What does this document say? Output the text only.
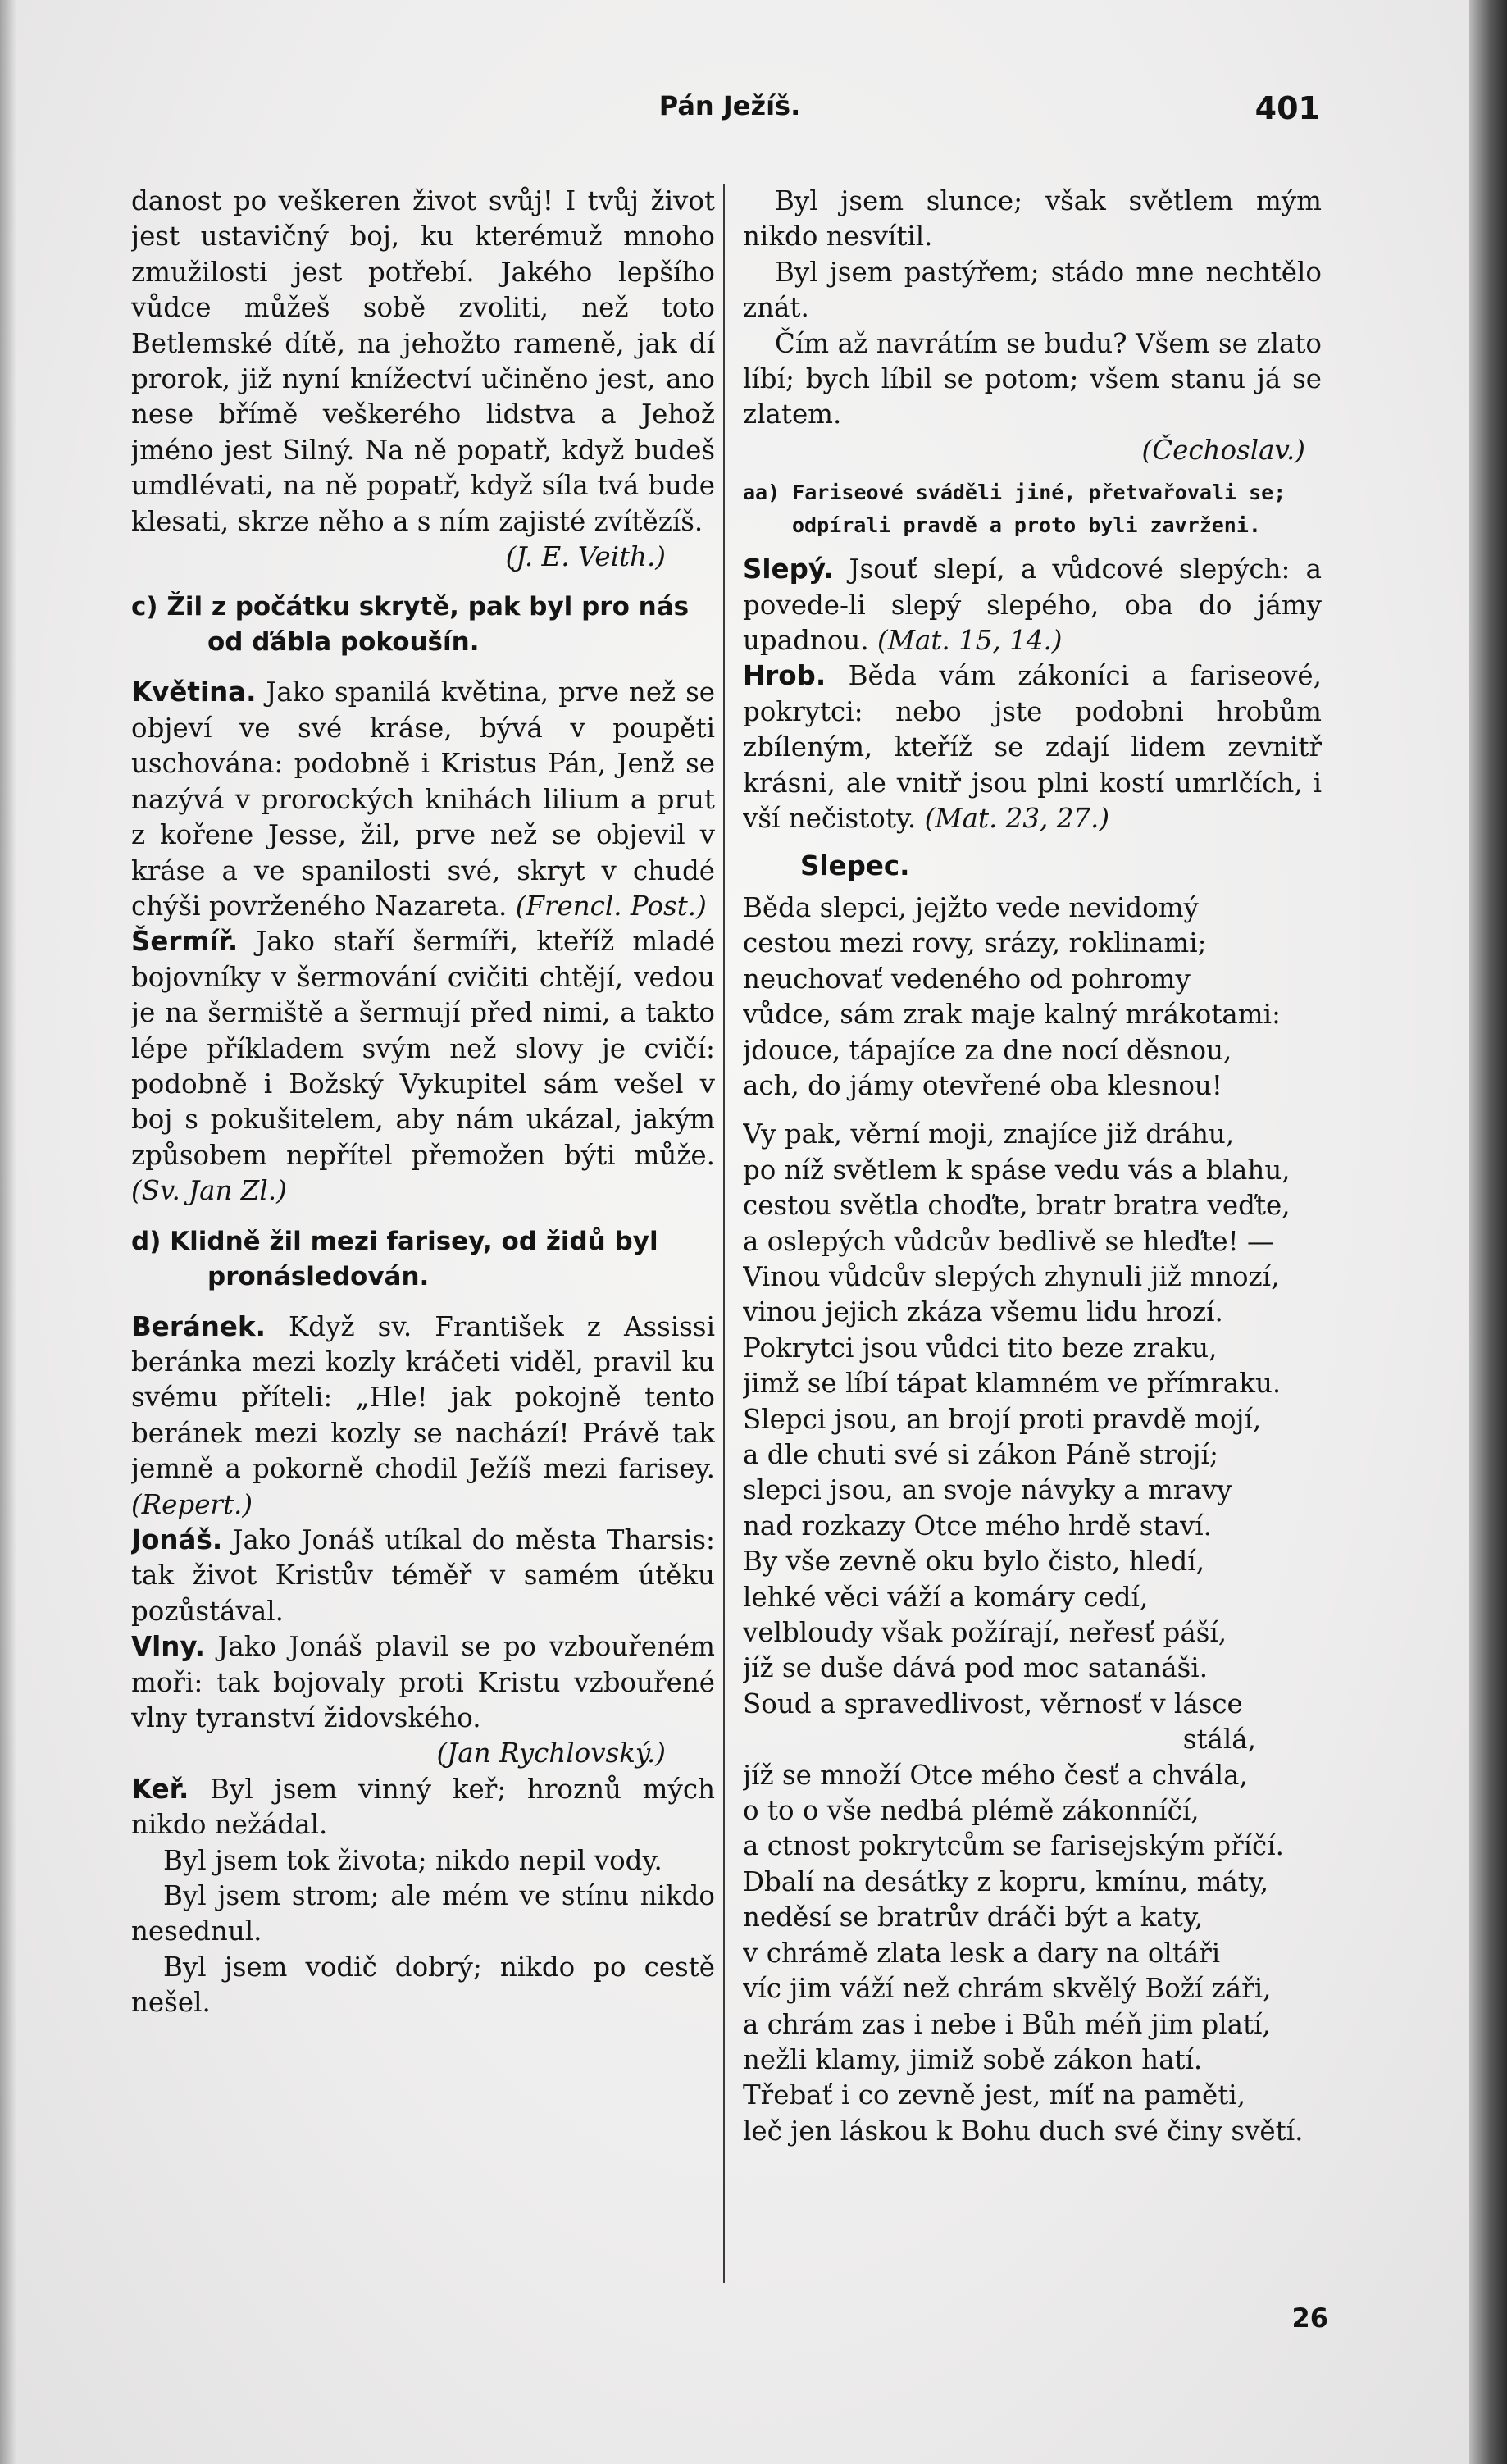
Pán Ježíš.	401

danost po veškeren život svůj! I tvůj život jest ustavičný boj, ku kterémuž mnoho zmužilosti jest potřebí. Jakého lepšího vůdce můžeš sobě zvoliti, než toto Betlemské dítě, na jehožto rameně, jak dí prorok, již nyní knížectví učiněno jest, ano nese břímě veškerého lidstva a Jehož jméno jest Silný. Na ně popatř, když budeš umdlévati, na ně popatř, když síla tvá bude klesati, skrze něho a s ním zajisté zvítězíš.

(J. E. Veith.)

c) Žil z počátku skrytě, pak byl pro nás od ďábla pokoušín.

Květina. Jako spanilá květina, prve než se objeví ve své kráse, bývá v poupěti uschována: podobně i Kristus Pán, Jenž se nazývá v prorockých knihách lilium a prut z kořene Jesse, žil, prve než se objevil v kráse a ve spanilosti své, skryt v chudé chýši povrženého Nazareta. (Frencl. Post.)

Šermíř. Jako staří šermíři, kteříž mladé bojovníky v šermování cvičiti chtějí, vedou je na šermiště a šermují před nimi, a takto lépe příkladem svým než slovy je cvičí: podobně i Božský Vykupitel sám vešel v boj s pokušitelem, aby nám ukázal, jakým způsobem nepřítel přemožen býti může. (Sv. Jan Zl.)

d) Klidně žil mezi farisey, od židů byl pronásledován.

Beránek. Když sv. František z Assissi beránka mezi kozly kráčeti viděl, pravil ku svému příteli: „Hle! jak pokojně tento beránek mezi kozly se nachází! Právě tak jemně a pokorně chodil Ježíš mezi farisey. (Repert.)

Jonáš. Jako Jonáš utíkal do města Tharsis: tak život Kristův téměř v samém útěku pozůstával.

Vlny. Jako Jonáš plavil se po vzbouřeném moři: tak bojovaly proti Kristu vzbouřené vlny tyranství židovského.

(Jan Rychlovský.)

Keř. Byl jsem vinný keř; hroznů mých nikdo nežádal.

Byl jsem tok života; nikdo nepil vody.

Byl jsem strom; ale mém ve stínu nikdo nesednul.

Byl jsem vodič dobrý; nikdo po cestě nešel.

Byl jsem slunce; však světlem mým nikdo nesvítil.

Byl jsem pastýřem; stádo mne nechtělo znát.

Čím až navrátím se budu? Všem se zlato líbí; bych líbil se potom; všem stanu já se zlatem.

(Čechoslav.)

aa) Fariseové sváděli jiné, přetvařovali se; odpírali pravdě a proto byli zavrženi.

Slepý. Jsouť slepí, a vůdcové slepých: a povede-li slepý slepého, oba do jámy upadnou. (Mat. 15, 14.)

Hrob. Běda vám zákoníci a fariseové, pokrytci: nebo jste podobni hrobům zbíleným, kteříž se zdají lidem zevnitř krásni, ale vnitř jsou plni kostí umrlčích, i vší nečistoty. (Mat. 23, 27.)

Slepec.

Běda slepci, jejžto vede nevidomý

cestou mezi rovy, srázy, roklinami;

neuchovať vedeného od pohromy

vůdce, sám zrak maje kalný mrákotami:

jdouce, tápajíce za dne nocí děsnou,

ach, do jámy otevřené oba klesnou!

Vy pak, věrní moji, znajíce již dráhu,

po níž světlem k spáse vedu vás a blahu,

cestou světla choďte, bratr bratra veďte,

a oslepých vůdcův bedlivě se hleďte! —

Vinou vůdcův slepých zhynuli již mnozí,

vinou jejich zkáza všemu lidu hrozí.

Pokrytci jsou vůdci tito beze zraku,

jimž se líbí tápat klamném ve přímraku.

Slepci jsou, an brojí proti pravdě mojí,

a dle chuti své si zákon Páně strojí;

slepci jsou, an svoje návyky a mravy

nad rozkazy Otce mého hrdě staví.

By vše zevně oku bylo čisto, hledí,

lehké věci váží a komáry cedí,

velbloudy však požírají, neřesť páší,

jíž se duše dává pod moc satanáši.

Soud a spravedlivost, věrnosť v lásce

stálá,

jíž se množí Otce mého česť a chvála,

o to o vše nedbá plémě zákonníčí,

a ctnost pokrytcům se farisejským příčí.

Dbalí na desátky z kopru, kmínu, máty,

neděsí se bratrův dráči být a katy,

v chrámě zlata lesk a dary na oltáři

víc jim váží než chrám skvělý Boží záři,

a chrám zas i nebe i Bůh méň jim platí,

nežli klamy, jimiž sobě zákon hatí.

Třebať i co zevně jest, míť na paměti,

leč jen láskou k Bohu duch své činy světí.

26
